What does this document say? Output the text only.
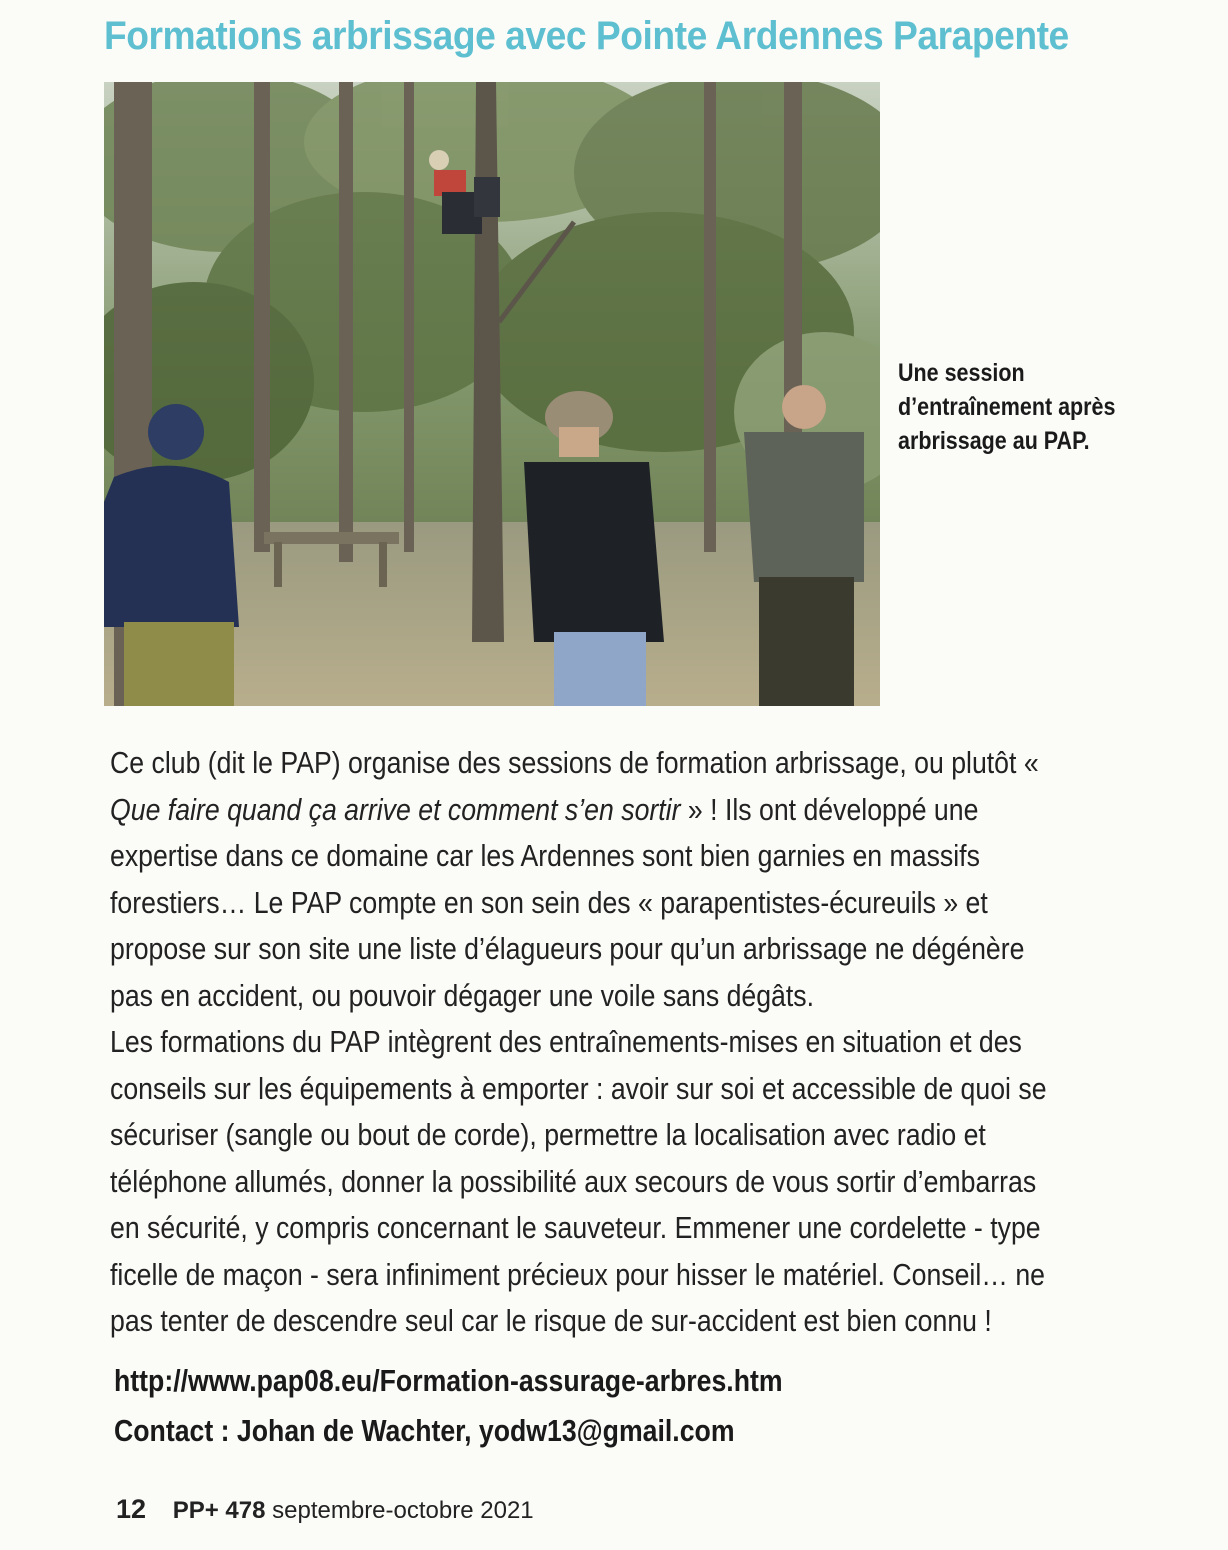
Formations arbrissage avec Pointe Ardennes Parapente
Une session d’entraînement après arbrissage au PAP.

Ce club (dit le PAP) organise des sessions de formation arbrissage, ou plutôt « Que faire quand ça arrive et comment s’en sortir » ! Ils ont développé une expertise dans ce domaine car les Ardennes sont bien garnies en massifs forestiers… Le PAP compte en son sein des « parapentistes-écureuils » et propose sur son site une liste d’élagueurs pour qu’un arbrissage ne dégénère pas en accident, ou pouvoir dégager une voile sans dégâts.

Les formations du PAP intègrent des entraînements-mises en situation et des conseils sur les équipements à emporter : avoir sur soi et accessible de quoi se sécuriser (sangle ou bout de corde), permettre la localisation avec radio et téléphone allumés, donner la possibilité aux secours de vous sortir d’embarras en sécurité, y compris concernant le sauveteur. Emmener une cordelette - type ficelle de maçon - sera infiniment précieux pour hisser le matériel. Conseil… ne pas tenter de descendre seul car le risque de sur-accident est bien connu !

http://www.pap08.eu/Formation-assurage-arbres.htm
Contact : Johan de Wachter, yodw13@gmail.com
12 PP+ 478 septembre-octobre 2021
